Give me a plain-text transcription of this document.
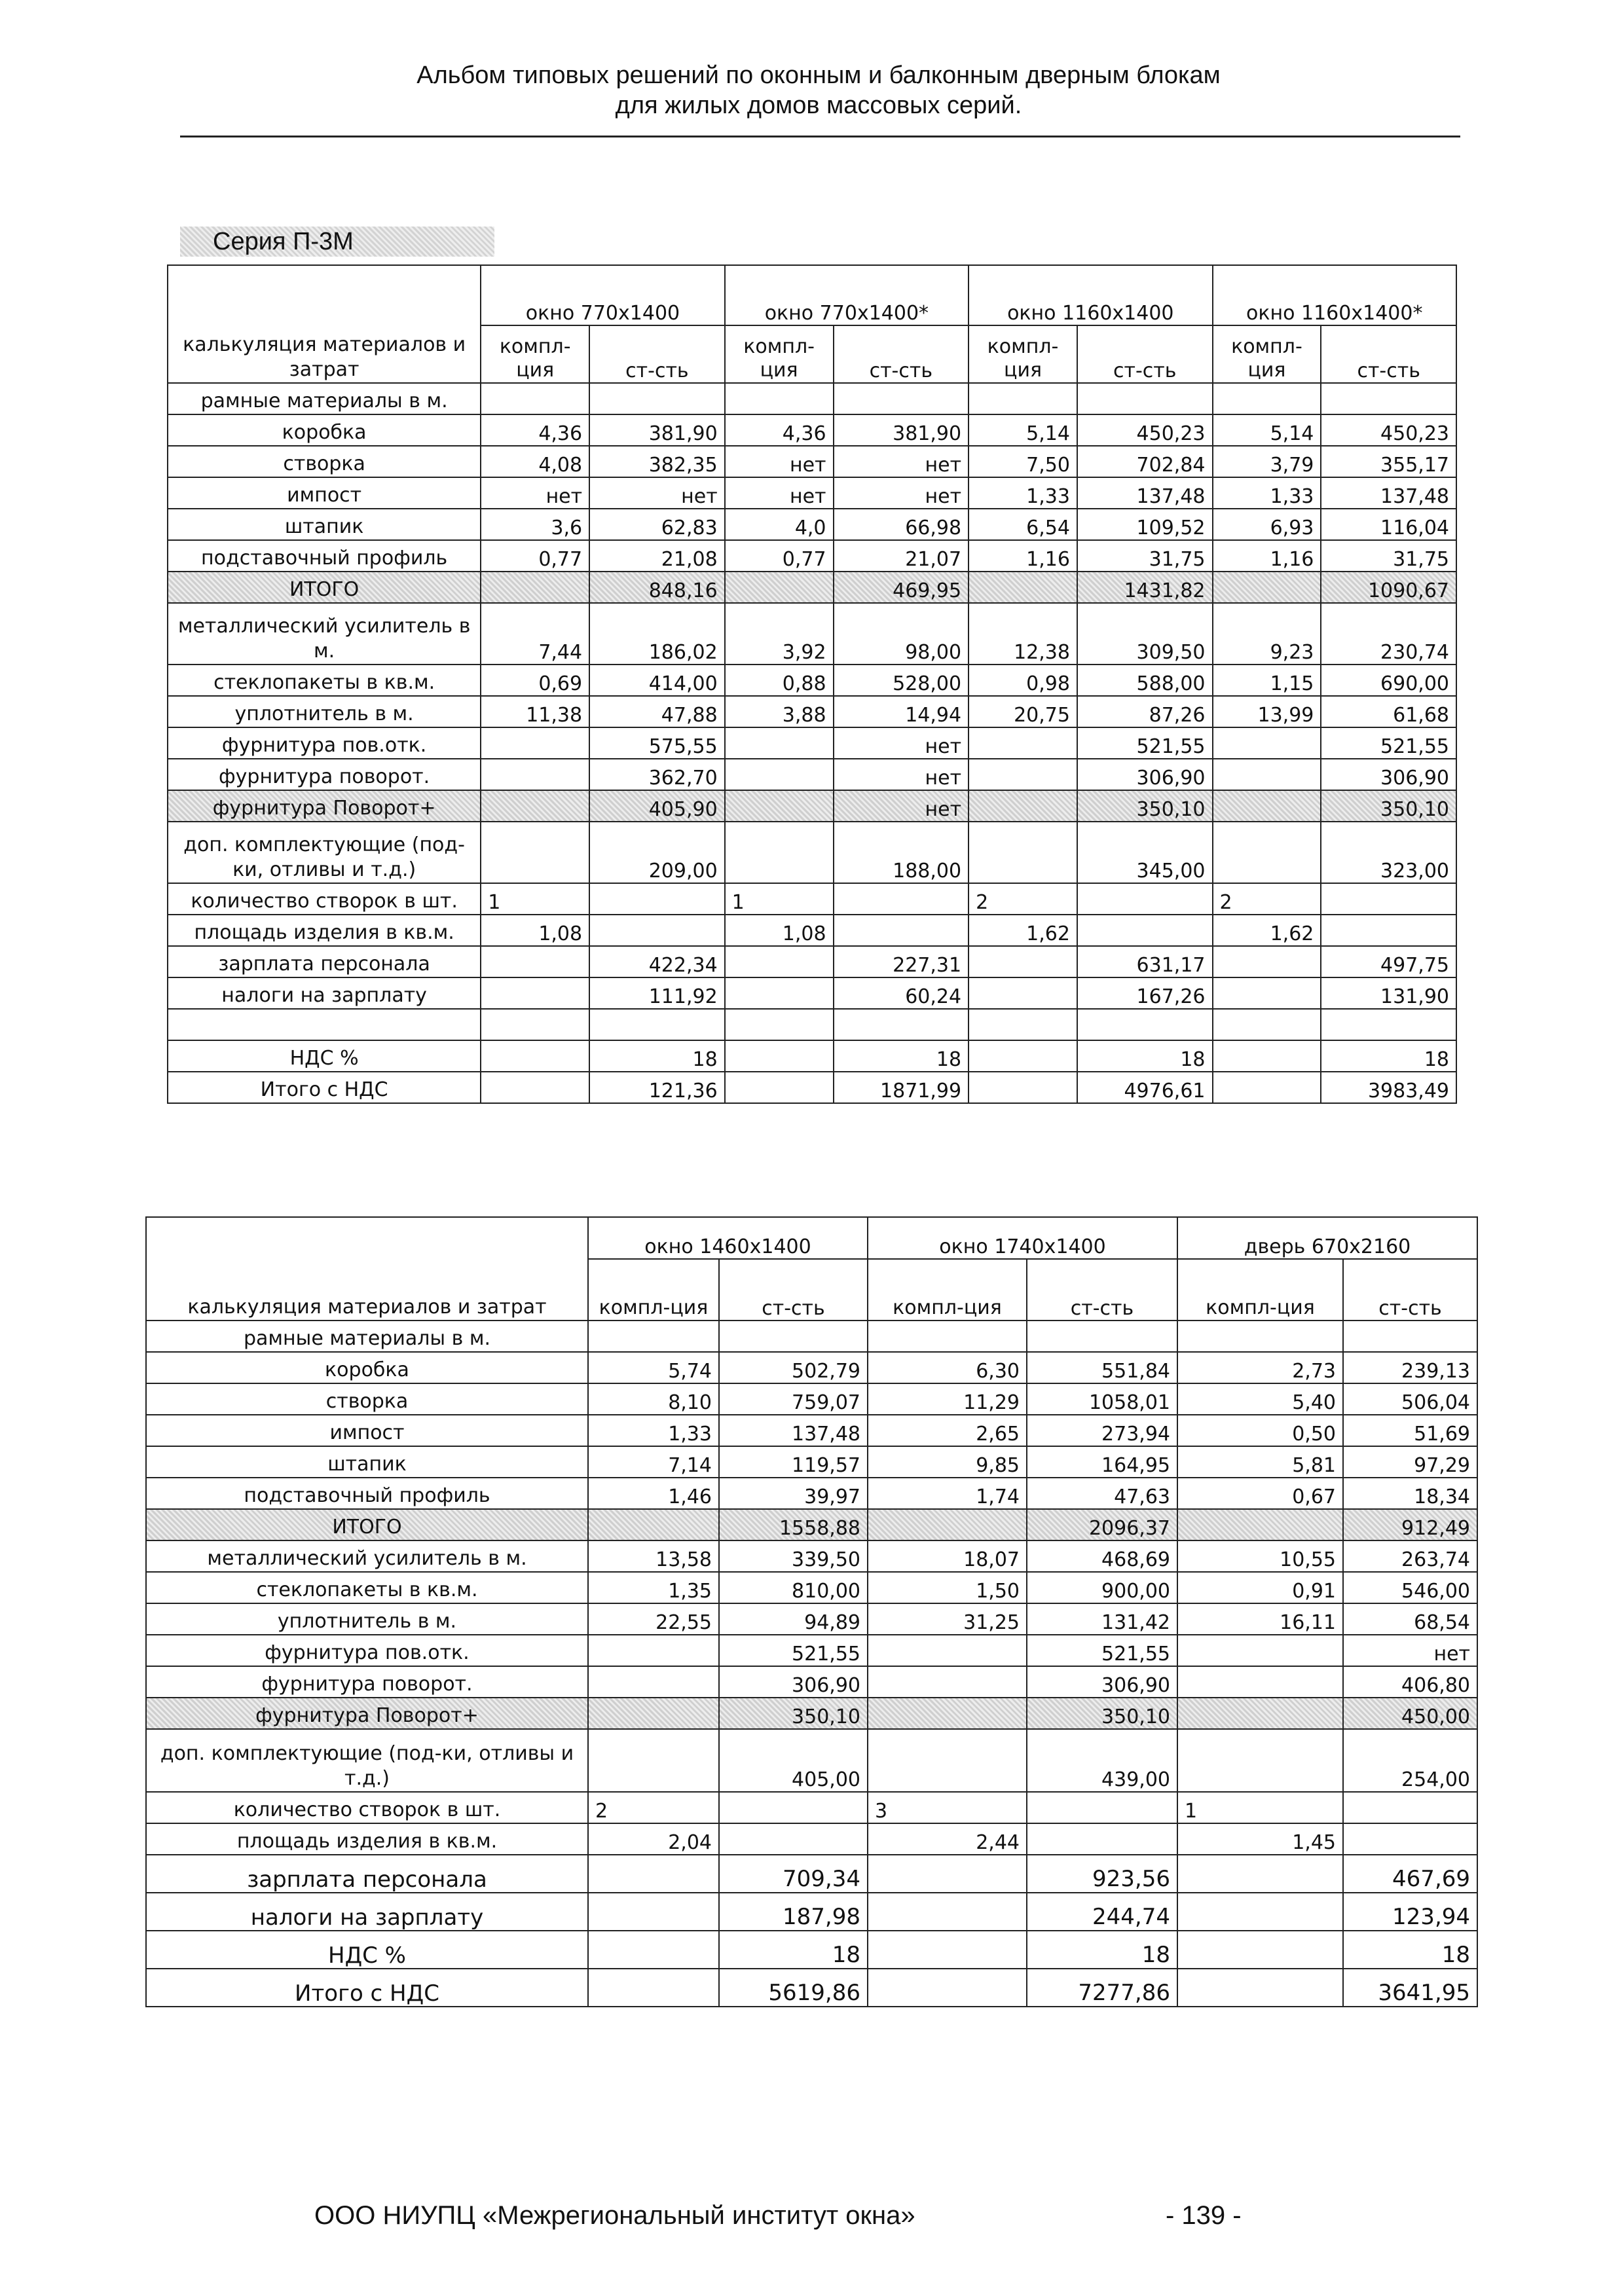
Альбом типовых решений по оконным и балконным дверным блокам
для жилых домов массовых серий.
Серия П-3М
калькуляция материалов и затрат	окно 770х1400		окно 770х1400*		окно 1160х1400		окно 1160х1400*	
	компл-ция	ст-сть	компл-ция	ст-сть	компл-ция	ст-сть	компл-ция	ст-сть
рамные материалы в м.								
коробка	4,36	381,90	4,36	381,90	5,14	450,23	5,14	450,23
створка	4,08	382,35	нет	нет	7,50	702,84	3,79	355,17
импост	нет	нет	нет	нет	1,33	137,48	1,33	137,48
штапик	3,6	62,83	4,0	66,98	6,54	109,52	6,93	116,04
подставочный профиль	0,77	21,08	0,77	21,07	1,16	31,75	1,16	31,75
ИТОГО		848,16		469,95		1431,82		1090,67
металлический усилитель в м.	7,44	186,02	3,92	98,00	12,38	309,50	9,23	230,74
стеклопакеты в кв.м.	0,69	414,00	0,88	528,00	0,98	588,00	1,15	690,00
уплотнитель в м.	11,38	47,88	3,88	14,94	20,75	87,26	13,99	61,68
фурнитура пов.отк.		575,55		нет		521,55		521,55
фурнитура поворот.		362,70		нет		306,90		306,90
фурнитура Поворот+		405,90		нет		350,10		350,10
доп. комплектующие (под-ки, отливы и т.д.)		209,00		188,00		345,00		323,00
количество створок в шт.	1		1		2		2	
площадь изделия в кв.м.	1,08		1,08		1,62		1,62	
зарплата персонала		422,34		227,31		631,17		497,75
налоги на зарплату		111,92		60,24		167,26		131,90

НДС %		18		18		18		18
Итого с НДС		121,36		1871,99		4976,61		3983,49
калькуляция материалов и затрат	окно 1460х1400		окно 1740х1400		дверь 670х2160	
	компл-ция	ст-сть	компл-ция	ст-сть	компл-ция	ст-сть
рамные материалы в м.						
коробка	5,74	502,79	6,30	551,84	2,73	239,13
створка	8,10	759,07	11,29	1058,01	5,40	506,04
импост	1,33	137,48	2,65	273,94	0,50	51,69
штапик	7,14	119,57	9,85	164,95	5,81	97,29
подставочный профиль	1,46	39,97	1,74	47,63	0,67	18,34
ИТОГО		1558,88		2096,37		912,49
металлический усилитель в м.	13,58	339,50	18,07	468,69	10,55	263,74
стеклопакеты в кв.м.	1,35	810,00	1,50	900,00	0,91	546,00
уплотнитель в м.	22,55	94,89	31,25	131,42	16,11	68,54
фурнитура пов.отк.		521,55		521,55		нет
фурнитура поворот.		306,90		306,90		406,80
фурнитура Поворот+		350,10		350,10		450,00
доп. комплектующие (под-ки, отливы и т.д.)		405,00		439,00		254,00
количество створок в шт.	2		3		1	
площадь изделия в кв.м.	2,04		2,44		1,45	
зарплата персонала		709,34		923,56		467,69
налоги на зарплату		187,98		244,74		123,94
НДС %		18		18		18
Итого с НДС		5619,86		7277,86		3641,95
ООО НИУПЦ «Межрегиональный институт окна»	- 139 -
